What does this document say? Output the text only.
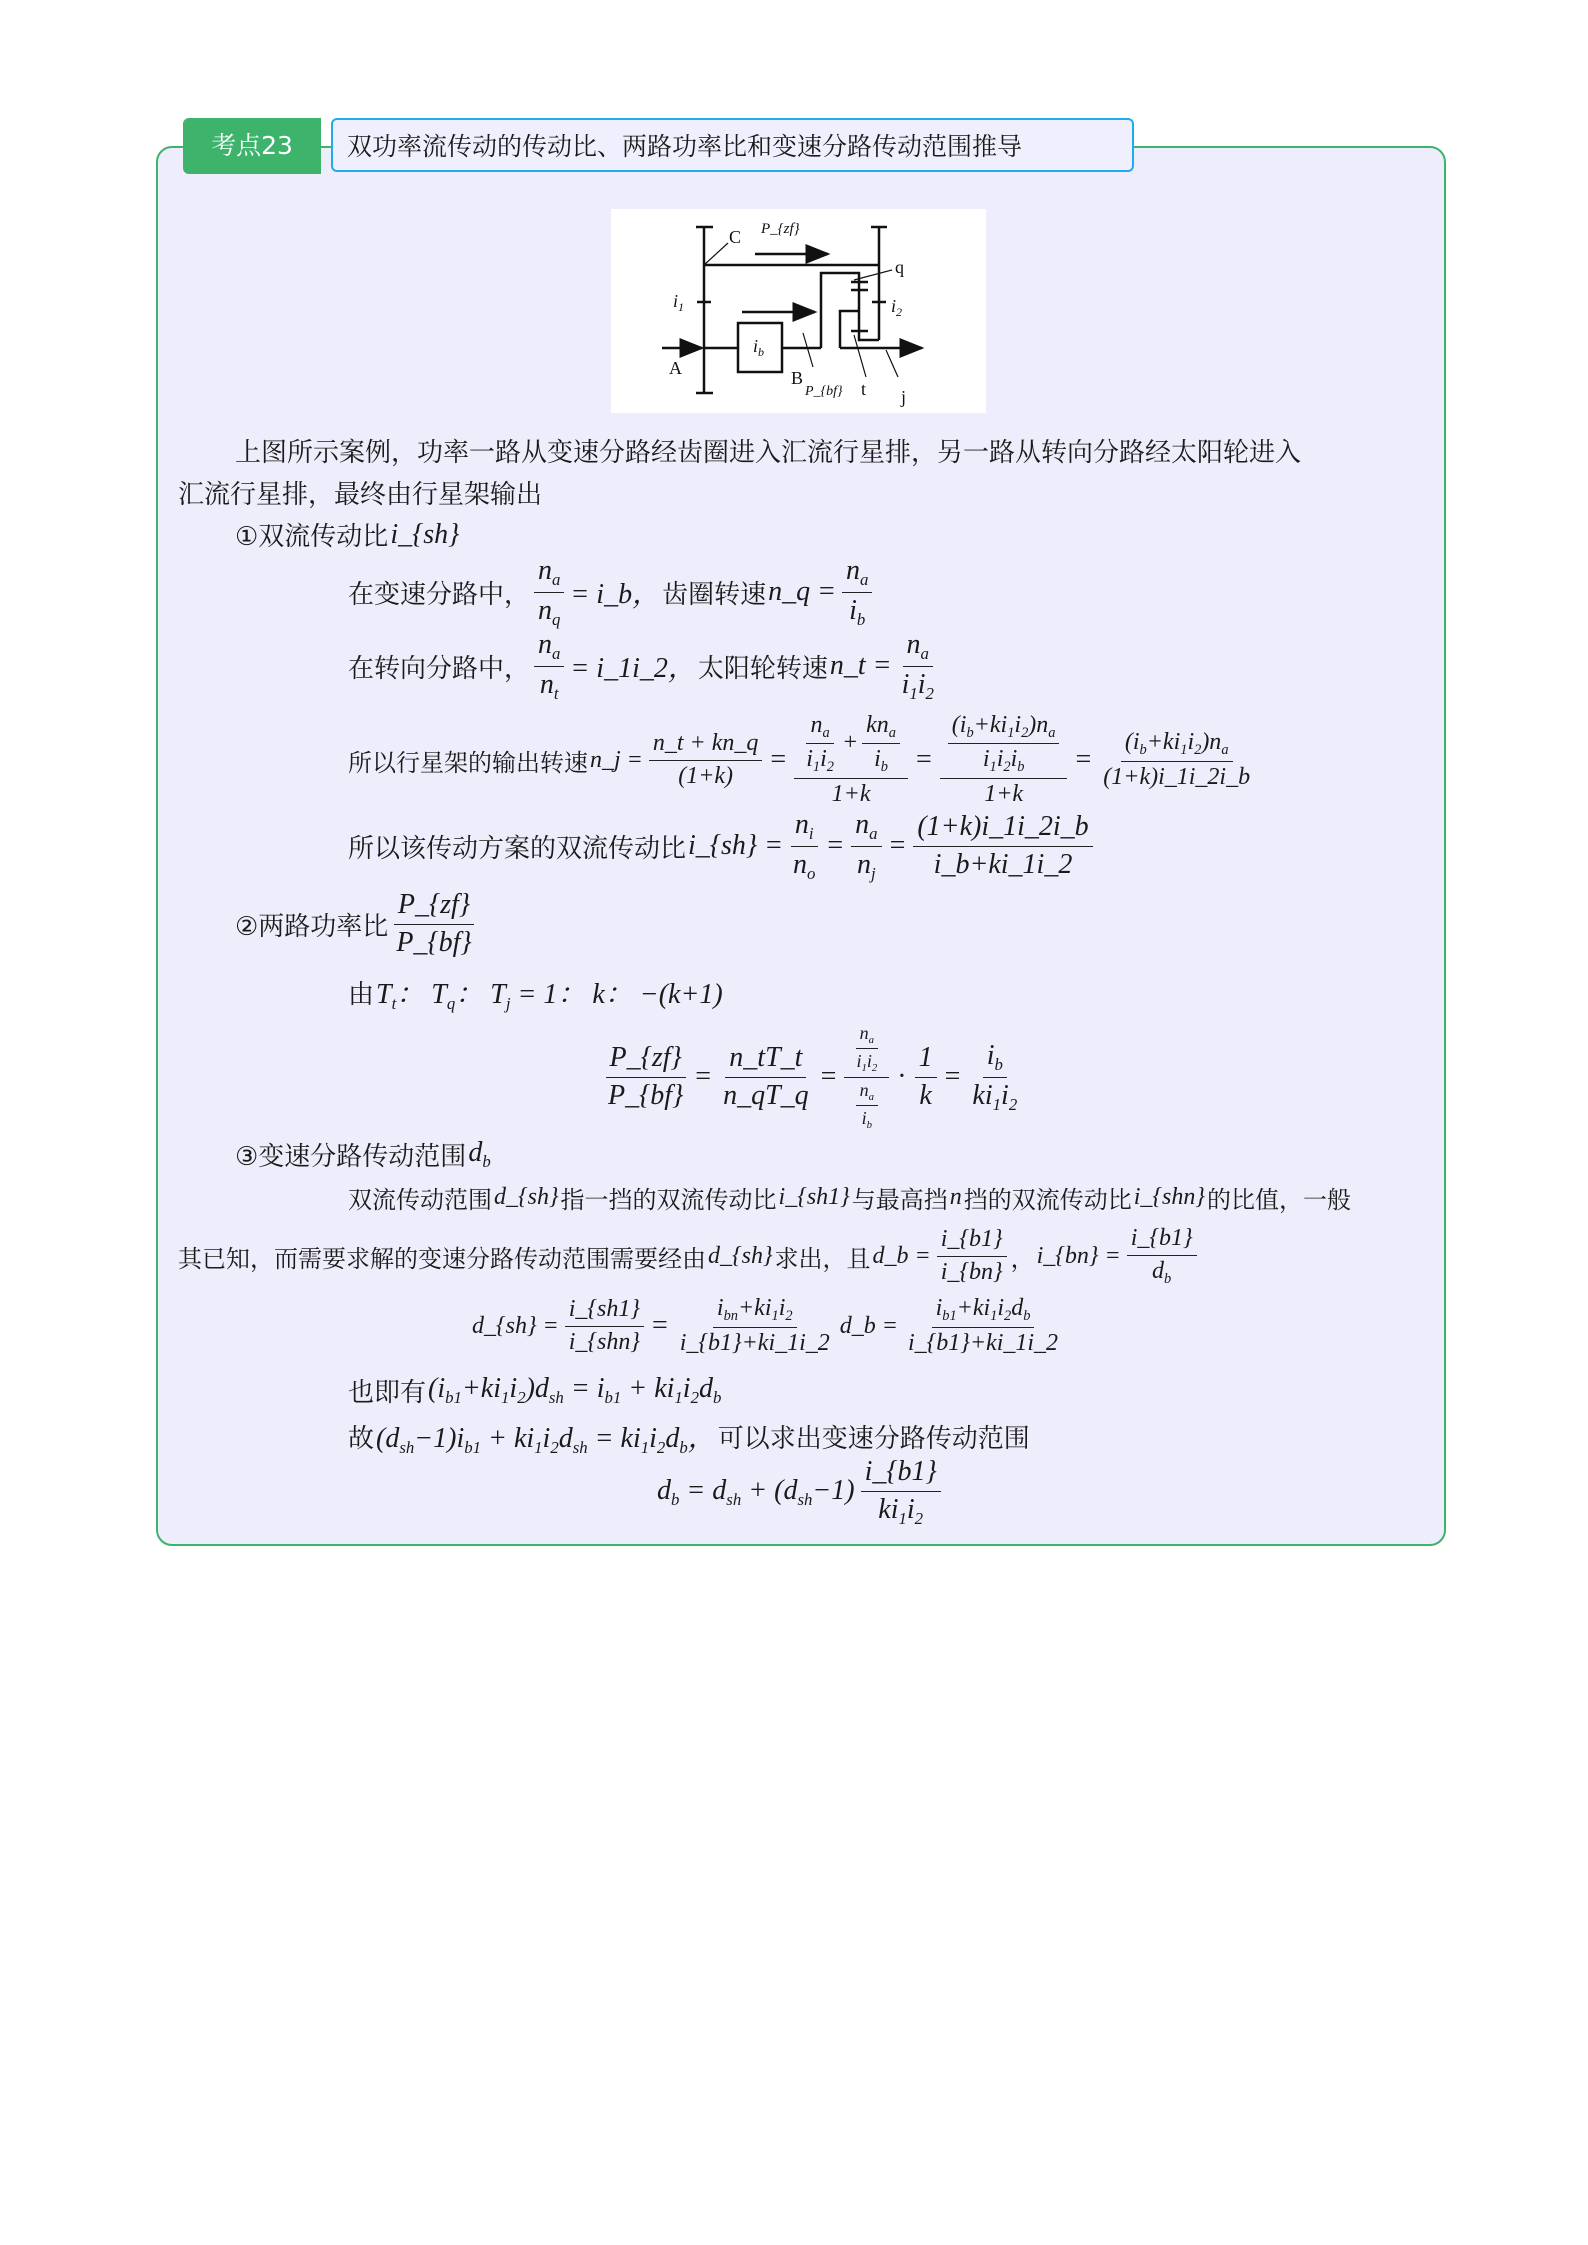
考点23	双功率流传动的传动比、两路功率比和变速分路传动范围推导
C P_{zf}
q
$i_1$	$i_2$
$i_b$
A	B
P_{bf} t j
上图所示案例，功率一路从变速分路经齿圈进入汇流行星排，另一路从转向分路经太阳轮进入
汇流行星排，最终由行星架输出
①双流传动比 i_{sh}
在变速分路中， $\frac{n_a}{n_q}$ = i_b， 齿圈转速 n_q = $\frac{n_a}{i_b}$
在转向分路中， $\frac{n_a}{n_t}$ = i_1i_2， 太阳轮转速 n_t = $\frac{n_a}{i_1i_2}$
所以行星架的输出转速 n_j = $\frac{n\_t + kn\_q}{(1+k)} = \frac{\frac{n_a}{i_1i_2} + \frac{kn_a}{i_b}}{1+k} = \frac{\frac{(i_b+ki_1i_2)n_a}{i_1i_2i_b}}{1+k} = \frac{(i_b+ki_1i_2)n_a}{(1+k)i\_1i\_2i\_b}$
所以该传动方案的双流传动比 i_{sh} = $\frac{n_i}{n_o} = \frac{n_a}{n_j} = \frac{(1+k)i\_1i\_2i\_b}{i\_b+ki\_1i\_2}$
②两路功率比 $\frac{P\_\{zf\}}{P\_\{bf\}}$
由 $T_t$： $T_q$： $T_j = 1$： k： −(k+1)
$\frac{P\_\{zf\}}{P\_\{bf\}} = \frac{n\_tT\_t}{n\_qT\_q} = \frac{\frac{n_a}{i_1i_2}}{\frac{n_a}{i_b}} \cdot \frac{1}{k} = \frac{i_b}{ki_1i_2}$
③变速分路传动范围 $d_b$
双流传动范围 d_{sh} 指一挡的双流传动比 i_{sh1} 与最高挡 n 挡的双流传动比 i_{shn} 的比值，一般
其已知，而需要求解的变速分路传动范围需要经由 d_{sh} 求出，且 d_b = $\frac{i\_\{b1\}}{i\_\{bn\}}$ ， i_{bn} = $\frac{i\_\{b1\}}{d_b}$
d_{sh} = $\frac{i\_\{sh1\}}{\text{i\_\{shn\}}} = \frac{i_{bn}+ki_1i_2}{i\_\{b1\}+ki\_1i\_2}$ d_b = $\frac{i_{b1}+ki_1i_2d_b}{i\_\{b1\}+ki\_1i\_2}$
也即有 $(i_{b1}+ki_1i_2)d_{sh} = i_{b1} + ki_1i_2d_b$
故 $(d_{sh}-1)i_{b1} + ki_1i_2d_{sh} = ki_1i_2d_b$， 可以求出变速分路传动范围
$d_b = d_{sh} + (d_{sh}-1) \frac{i\_\{b1\}}{ki_1i_2}$
